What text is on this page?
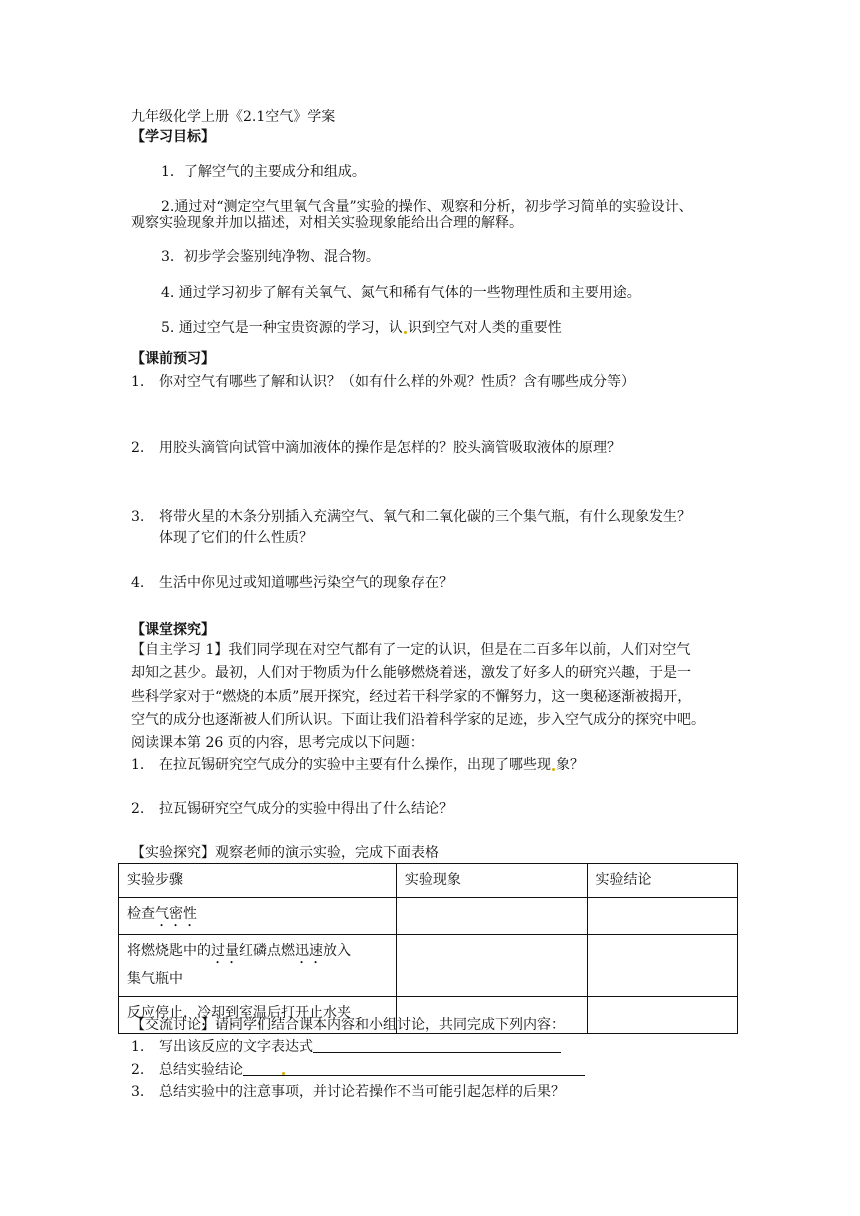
九年级化学上册《2.1空气》学案
【学习目标】
1．了解空气的主要成分和组成。
2.通过对“测定空气里氧气含量”实验的操作、观察和分析，初步学习简单的实验设计、
观察实验现象并加以描述，对相关实验现象能给出合理的解释。
3．初步学会鉴别纯净物、混合物。
4. 通过学习初步了解有关氧气、氮气和稀有气体的一些物理性质和主要用途。
5. 通过空气是一种宝贵资源的学习，认 识到空气对人类的重要性
【课前预习】
1. 你对空气有哪些了解和认识？（如有什么样的外观？性质？含有哪些成分等）
2. 用胶头滴管向试管中滴加液体的操作是怎样的？胶头滴管吸取液体的原理？
3. 将带火星的木条分别插入充满空气、氧气和二氧化碳的三个集气瓶，有什么现象发生？
体现了它们的什么性质？
4. 生活中你见过或知道哪些污染空气的现象存在？
【课堂探究】
【自主学习 1】我们同学现在对空气都有了一定的认识，但是在二百多年以前，人们对空气
却知之甚少。最初，人们对于物质为什么能够燃烧着迷，激发了好多人的研究兴趣，于是一
些科学家对于“燃烧的本质”展开探究，经过若干科学家的不懈努力，这一奥秘逐渐被揭开，
空气的成分也逐渐被人们所认识。下面让我们沿着科学家的足迹，步入空气成分的探究中吧。
阅读课本第 26 页的内容，思考完成以下问题：
1. 在拉瓦锡研究空气成分的实验中主要有什么操作，出现了哪些现 象？
2. 拉瓦锡研究空气成分的实验中得出了什么结论？
【实验探究】观察老师的演示实验，完成下面表格
实验步骤	实验现象	实验结论
检查气密性		
将燃烧匙中的过量红磷点燃迅速放入
集气瓶中		
反应停止，冷却到室温后打开止水夹		
【交流讨论】请同学们结合课本内容和小组讨论，共同完成下列内容：
1. 写出该反应的文字表达式
2. 总结实验结论
3. 总结实验中的注意事项，并讨论若操作不当可能引起怎样的后果？
